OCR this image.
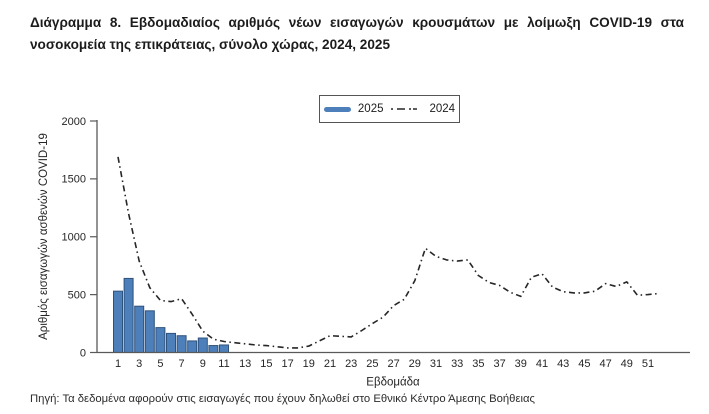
Διάγραμμα 8. Εβδομαδιαίος αριθμός νέων εισαγωγών κρουσμάτων με λοίμωξη COVID-19 στα νοσοκομεία της επικράτειας, σύνολο χώρας, 2024, 2025
2025	2024
0
500
1000
1500
2000
1 3 5 7 9 11 13 15 17 19 21 23 25 27 29 31 33 35 37 39 41 43 45 47 49 51
Εβδομάδα
Αριθμός εισαγωγών ασθενών COVID-19
Πηγή: Τα δεδομένα αφορούν στις εισαγωγές που έχουν δηλωθεί στο Εθνικό Κέντρο Άμεσης Βοήθειας
